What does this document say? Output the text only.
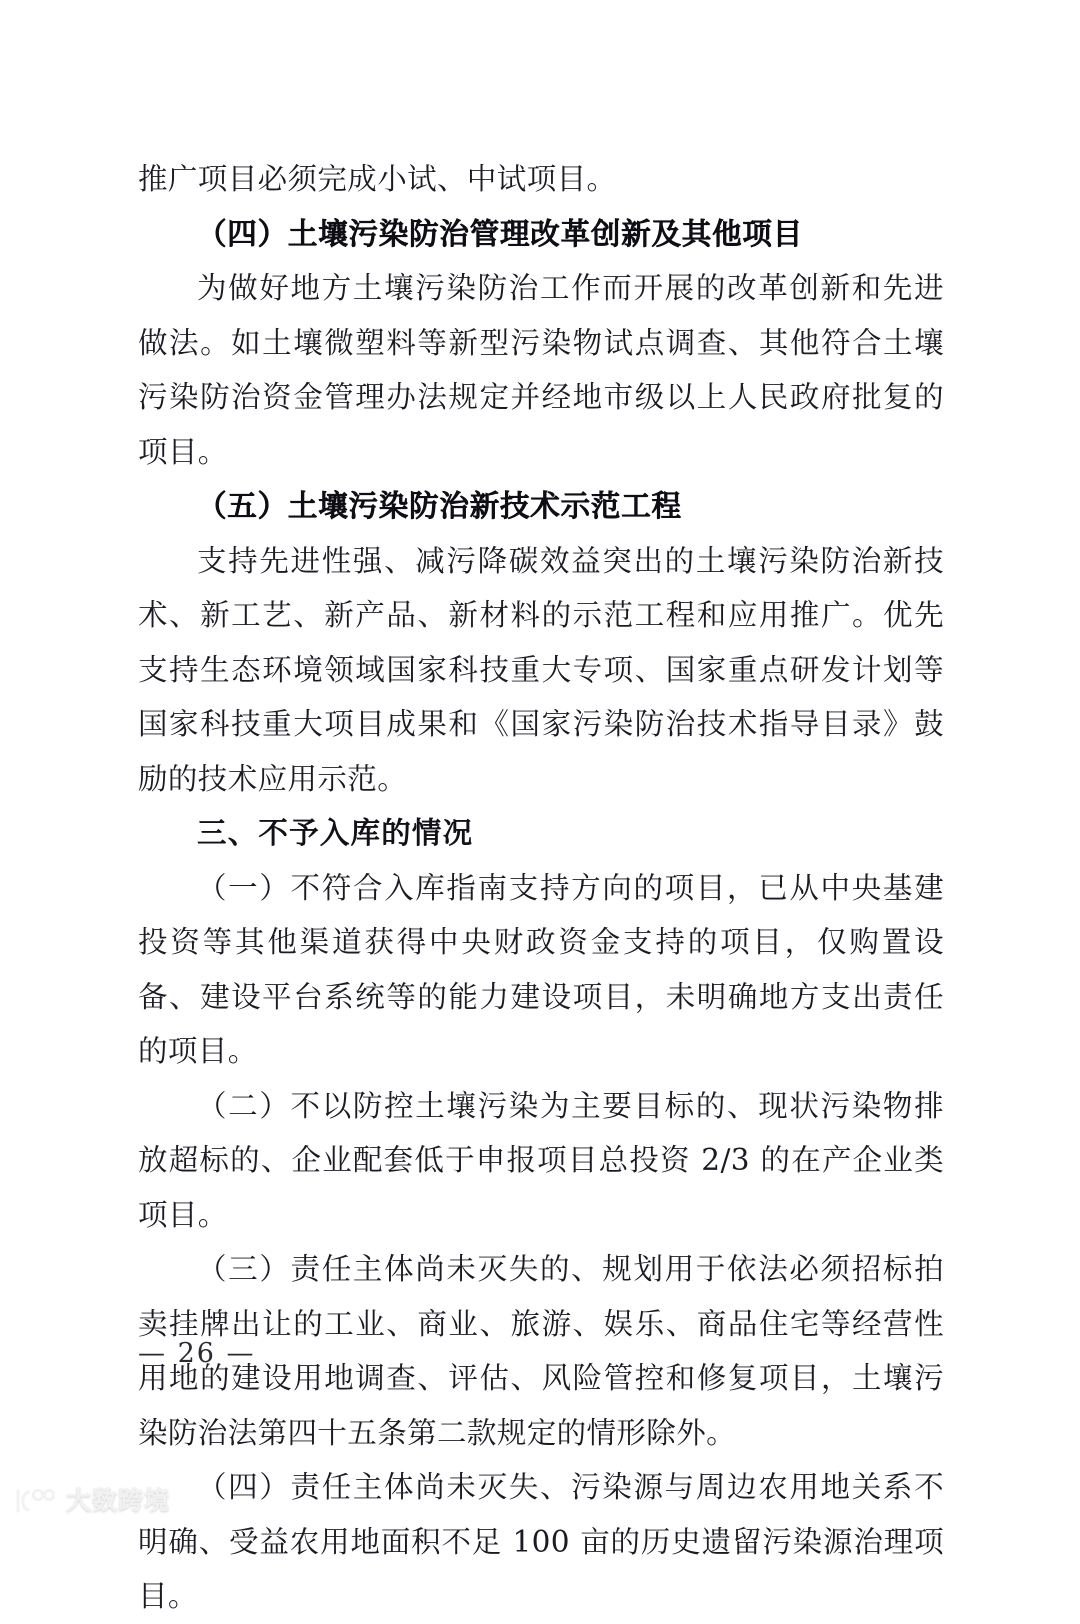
推广项目必须完成小试、中试项目。

（四）土壤污染防治管理改革创新及其他项目

为做好地方土壤污染防治工作而开展的改革创新和先进做法。如土壤微塑料等新型污染物试点调查、其他符合土壤污染防治资金管理办法规定并经地市级以上人民政府批复的项目。

（五）土壤污染防治新技术示范工程

支持先进性强、减污降碳效益突出的土壤污染防治新技术、新工艺、新产品、新材料的示范工程和应用推广。优先支持生态环境领域国家科技重大专项、国家重点研发计划等国家科技重大项目成果和《国家污染防治技术指导目录》鼓励的技术应用示范。

三、不予入库的情况

（一）不符合入库指南支持方向的项目，已从中央基建投资等其他渠道获得中央财政资金支持的项目，仅购置设备、建设平台系统等的能力建设项目，未明确地方支出责任的项目。

（二）不以防控土壤污染为主要目标的、现状污染物排放超标的、企业配套低于申报项目总投资 2/3 的在产企业类项目。

（三）责任主体尚未灭失的、规划用于依法必须招标拍卖挂牌出让的工业、商业、旅游、娱乐、商品住宅等经营性用地的建设用地调查、评估、风险管控和修复项目，土壤污染防治法第四十五条第二款规定的情形除外。

（四）责任主体尚未灭失、污染源与周边农用地关系不明确、受益农用地面积不足 100 亩的历史遗留污染源治理项目。

— 26 —
大数跨境
